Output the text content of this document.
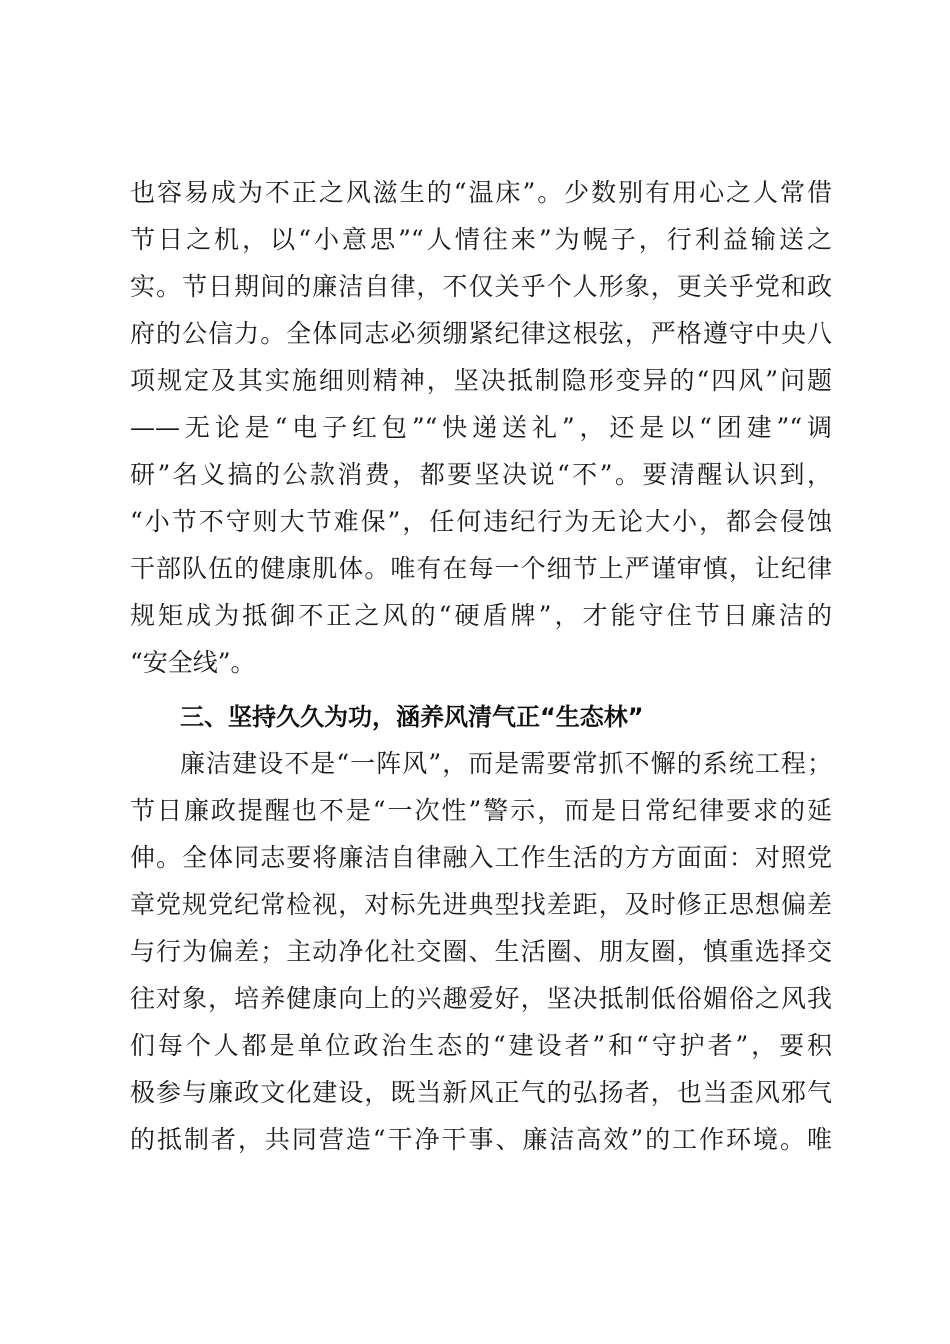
也容易成为不正之风滋生的“温床”。少数别有用心之人常借
节日之机，以“小意思”“人情往来”为幌子，行利益输送之
实。节日期间的廉洁自律，不仅关乎个人形象，更关乎党和政
府的公信力。全体同志必须绷紧纪律这根弦，严格遵守中央八
项规定及其实施细则精神，坚决抵制隐形变异的“四风”问题
——无论是“电子红包”“快递送礼”，还是以“团建”“调
研”名义搞的公款消费，都要坚决说“不”。要清醒认识到，
“小节不守则大节难保”，任何违纪行为无论大小，都会侵蚀
干部队伍的健康肌体。唯有在每一个细节上严谨审慎，让纪律
规矩成为抵御不正之风的“硬盾牌”，才能守住节日廉洁的
“安全线”。
三、坚持久久为功，涵养风清气正“生态林”
廉洁建设不是“一阵风”，而是需要常抓不懈的系统工程；
节日廉政提醒也不是“一次性”警示，而是日常纪律要求的延
伸。全体同志要将廉洁自律融入工作生活的方方面面：对照党
章党规党纪常检视，对标先进典型找差距，及时修正思想偏差
与行为偏差；主动净化社交圈、生活圈、朋友圈，慎重选择交
往对象，培养健康向上的兴趣爱好，坚决抵制低俗媚俗之风我
们每个人都是单位政治生态的“建设者”和“守护者”，要积
极参与廉政文化建设，既当新风正气的弘扬者，也当歪风邪气
的抵制者，共同营造“干净干事、廉洁高效”的工作环境。唯
